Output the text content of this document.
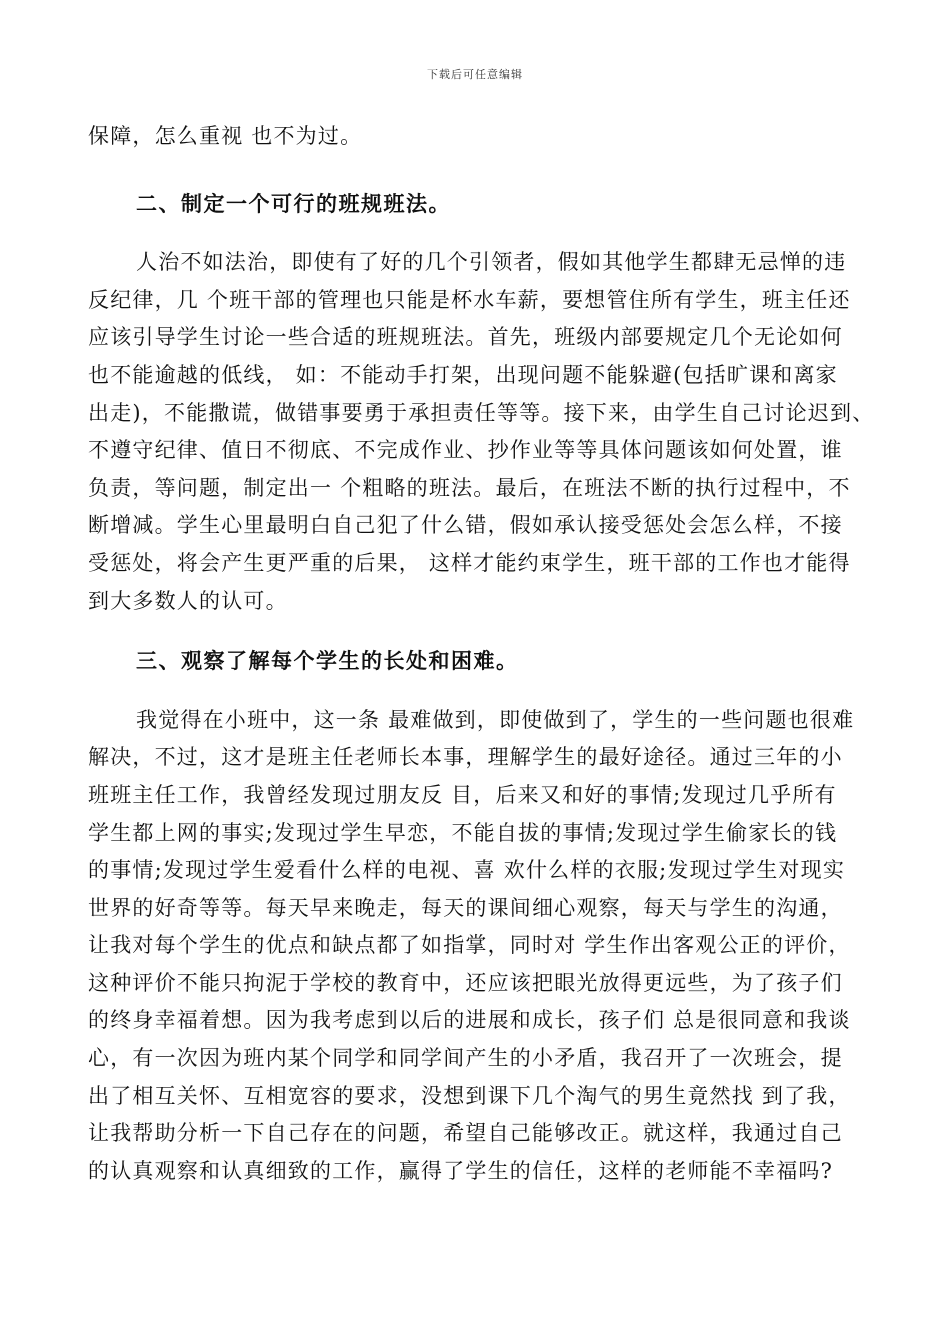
下载后可任意编辑
保障，怎么重视 也不为过。
二、制定一个可行的班规班法。
人治不如法治，即使有了好的几个引领者，假如其他学生都肆无忌惮的违
反纪律，几 个班干部的管理也只能是杯水车薪，要想管住所有学生，班主任还
应该引导学生讨论一些合适的班规班法。首先，班级内部要规定几个无论如何
也不能逾越的低线， 如：不能动手打架，出现问题不能躲避(包括旷课和离家
出走)，不能撒谎，做错事要勇于承担责任等等。接下来，由学生自己讨论迟到、
不遵守纪律、值日不彻底、不完成作业、抄作业等等具体问题该如何处置，谁
负责，等问题，制定出一 个粗略的班法。最后，在班法不断的执行过程中，不
断增减。学生心里最明白自己犯了什么错，假如承认接受惩处会怎么样，不接
受惩处，将会产生更严重的后果， 这样才能约束学生，班干部的工作也才能得
到大多数人的认可。
三、观察了解每个学生的长处和困难。
我觉得在小班中，这一条 最难做到，即使做到了，学生的一些问题也很难
解决，不过，这才是班主任老师长本事，理解学生的最好途径。通过三年的小
班班主任工作，我曾经发现过朋友反 目，后来又和好的事情;发现过几乎所有
学生都上网的事实;发现过学生早恋，不能自拔的事情;发现过学生偷家长的钱
的事情;发现过学生爱看什么样的电视、喜 欢什么样的衣服;发现过学生对现实
世界的好奇等等。每天早来晚走，每天的课间细心观察，每天与学生的沟通，
让我对每个学生的优点和缺点都了如指掌，同时对 学生作出客观公正的评价，
这种评价不能只拘泥于学校的教育中，还应该把眼光放得更远些，为了孩子们
的终身幸福着想。因为我考虑到以后的进展和成长，孩子们 总是很同意和我谈
心，有一次因为班内某个同学和同学间产生的小矛盾，我召开了一次班会，提
出了相互关怀、互相宽容的要求，没想到课下几个淘气的男生竟然找 到了我，
让我帮助分析一下自己存在的问题，希望自己能够改正。就这样，我通过自己
的认真观察和认真细致的工作，赢得了学生的信任，这样的老师能不幸福吗?
